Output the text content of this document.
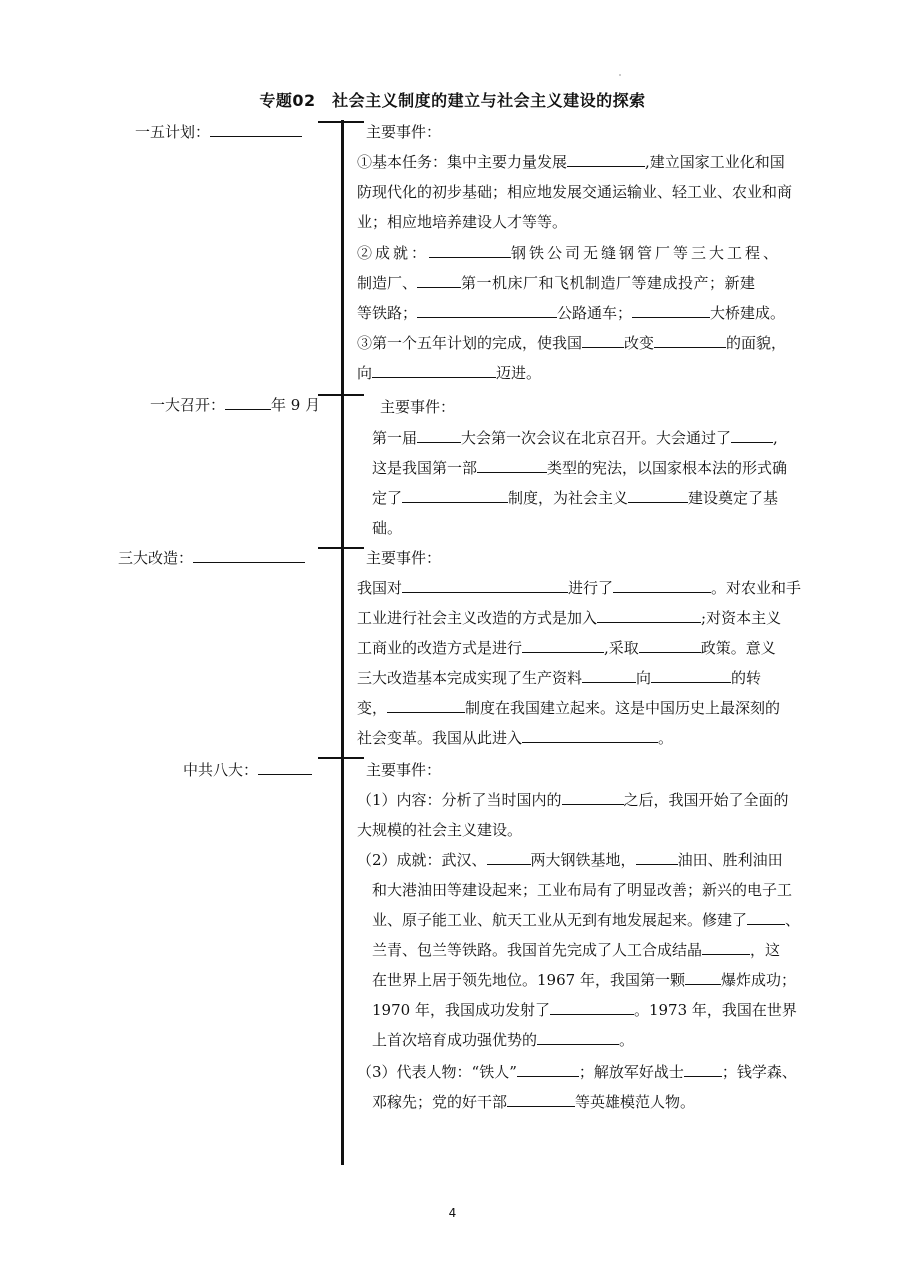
专题02　社会主义制度的建立与社会主义建设的探索
一五计划：	主要事件：
①基本任务：集中主要力量发展	,建立国家工业化和国
防现代化的初步基础；相应地发展交通运输业、轻工业、农业和商
业；相应地培养建设人才等等。
②成就：	钢铁公司无缝钢管厂等三大工程、
制造厂、	第一机床厂和飞机制造厂等建成投产；新建
等铁路；	公路通车；	大桥建成。
③第一个五年计划的完成，使我国	改变	的面貌，
向	迈进。
一大召开：	年 9 月	主要事件：
第一届	大会第一次会议在北京召开。大会通过了	,
这是我国第一部	类型的宪法，以国家根本法的形式确
定了	制度，为社会主义	建设奠定了基
础。
三大改造：	主要事件：
我国对	进行了	。对农业和手
工业进行社会主义改造的方式是加入	;对资本主义
工商业的改造方式是进行	,采取	政策。意义
三大改造基本完成实现了生产资料	向	的转
变，	制度在我国建立起来。这是中国历史上最深刻的
社会变革。我国从此进入	。
中共八大：	主要事件：
（1）内容：分析了当时国内的	之后，我国开始了全面的
大规模的社会主义建设。
（2）成就：武汉、	两大钢铁基地，	油田、胜利油田
和大港油田等建设起来；工业布局有了明显改善；新兴的电子工
业、原子能工业、航天工业从无到有地发展起来。修建了	、
兰青、包兰等铁路。我国首先完成了人工合成结晶	，这
在世界上居于领先地位。1967 年，我国第一颗 爆炸成功；
1970 年，我国成功发射了	。1973 年，我国在世界
上首次培育成功强优势的	。
（3）代表人物：“铁人”	；解放军好战士	；钱学森、
邓稼先；党的好干部	等英雄模范人物。
4
